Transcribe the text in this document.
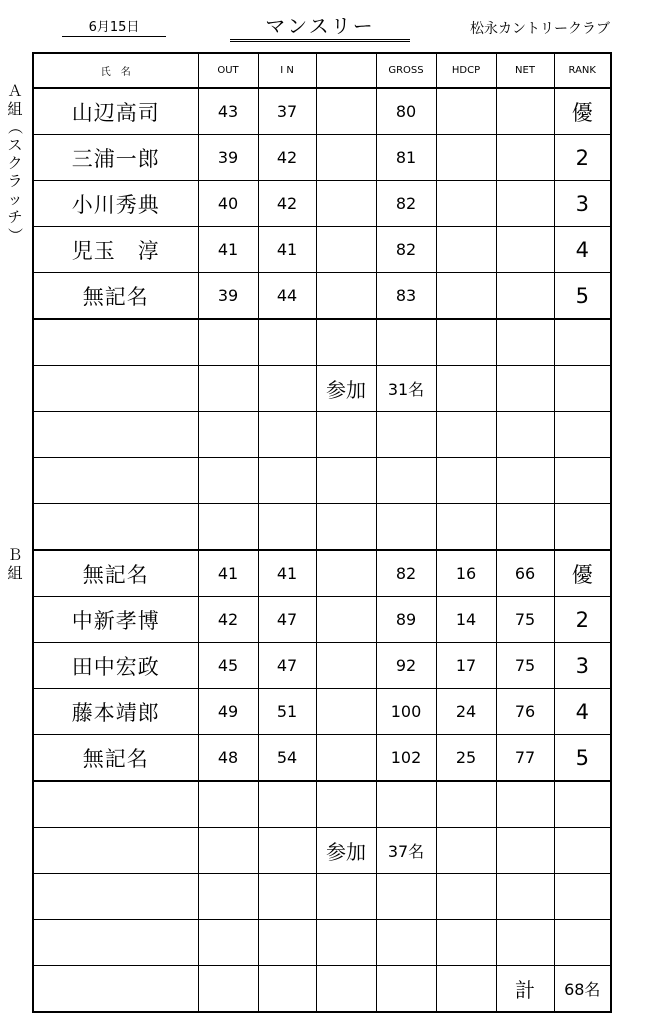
6月15日	マンスリー	松永カントリークラブ
Ａ
組
（
ス
ク
ラ
ッ
チ
）
Ｂ
組
氏　名	OUT	I N		GROSS	HDCP	NET	RANK
山辺高司	43	37		80			優
三浦一郎	39	42		81			2
小川秀典	40	42		82			3
児玉　淳	41	41		82			4
無記名	39	44		83			5

			参加	31名			

無記名	41	41		82	16	66	優
中新孝博	42	47		89	14	75	2
田中宏政	45	47		92	17	75	3
藤本靖郎	49	51		100	24	76	4
無記名	48	54		102	25	77	5

			参加	37名			

						計	68名
